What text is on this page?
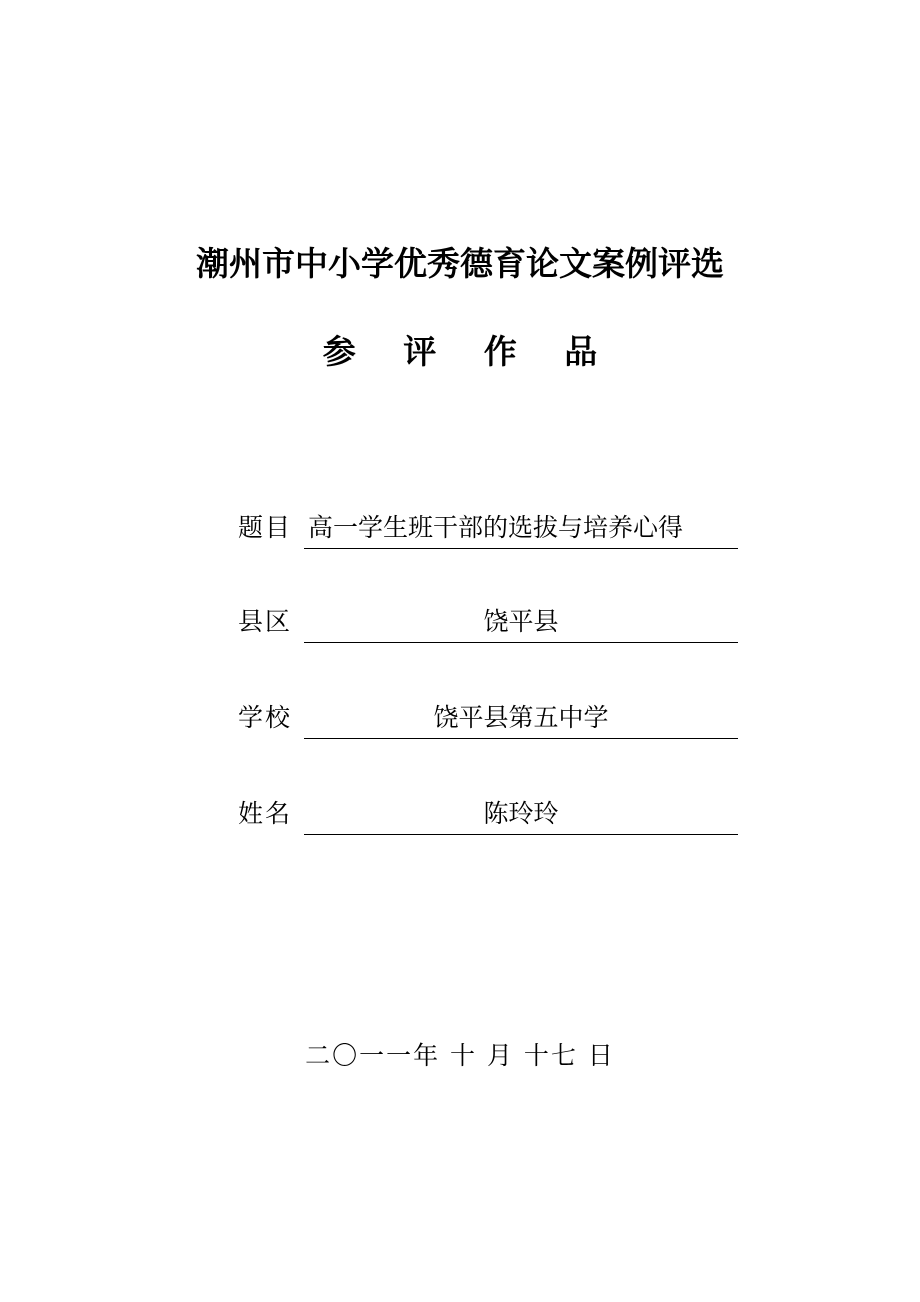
潮州市中小学优秀德育论文案例评选
参 评 作 品
题目 高一学生班干部的选拔与培养心得
县区	饶平县
学校	饶平县第五中学
姓名	陈玲玲
二〇一一年 十 月 十七 日
